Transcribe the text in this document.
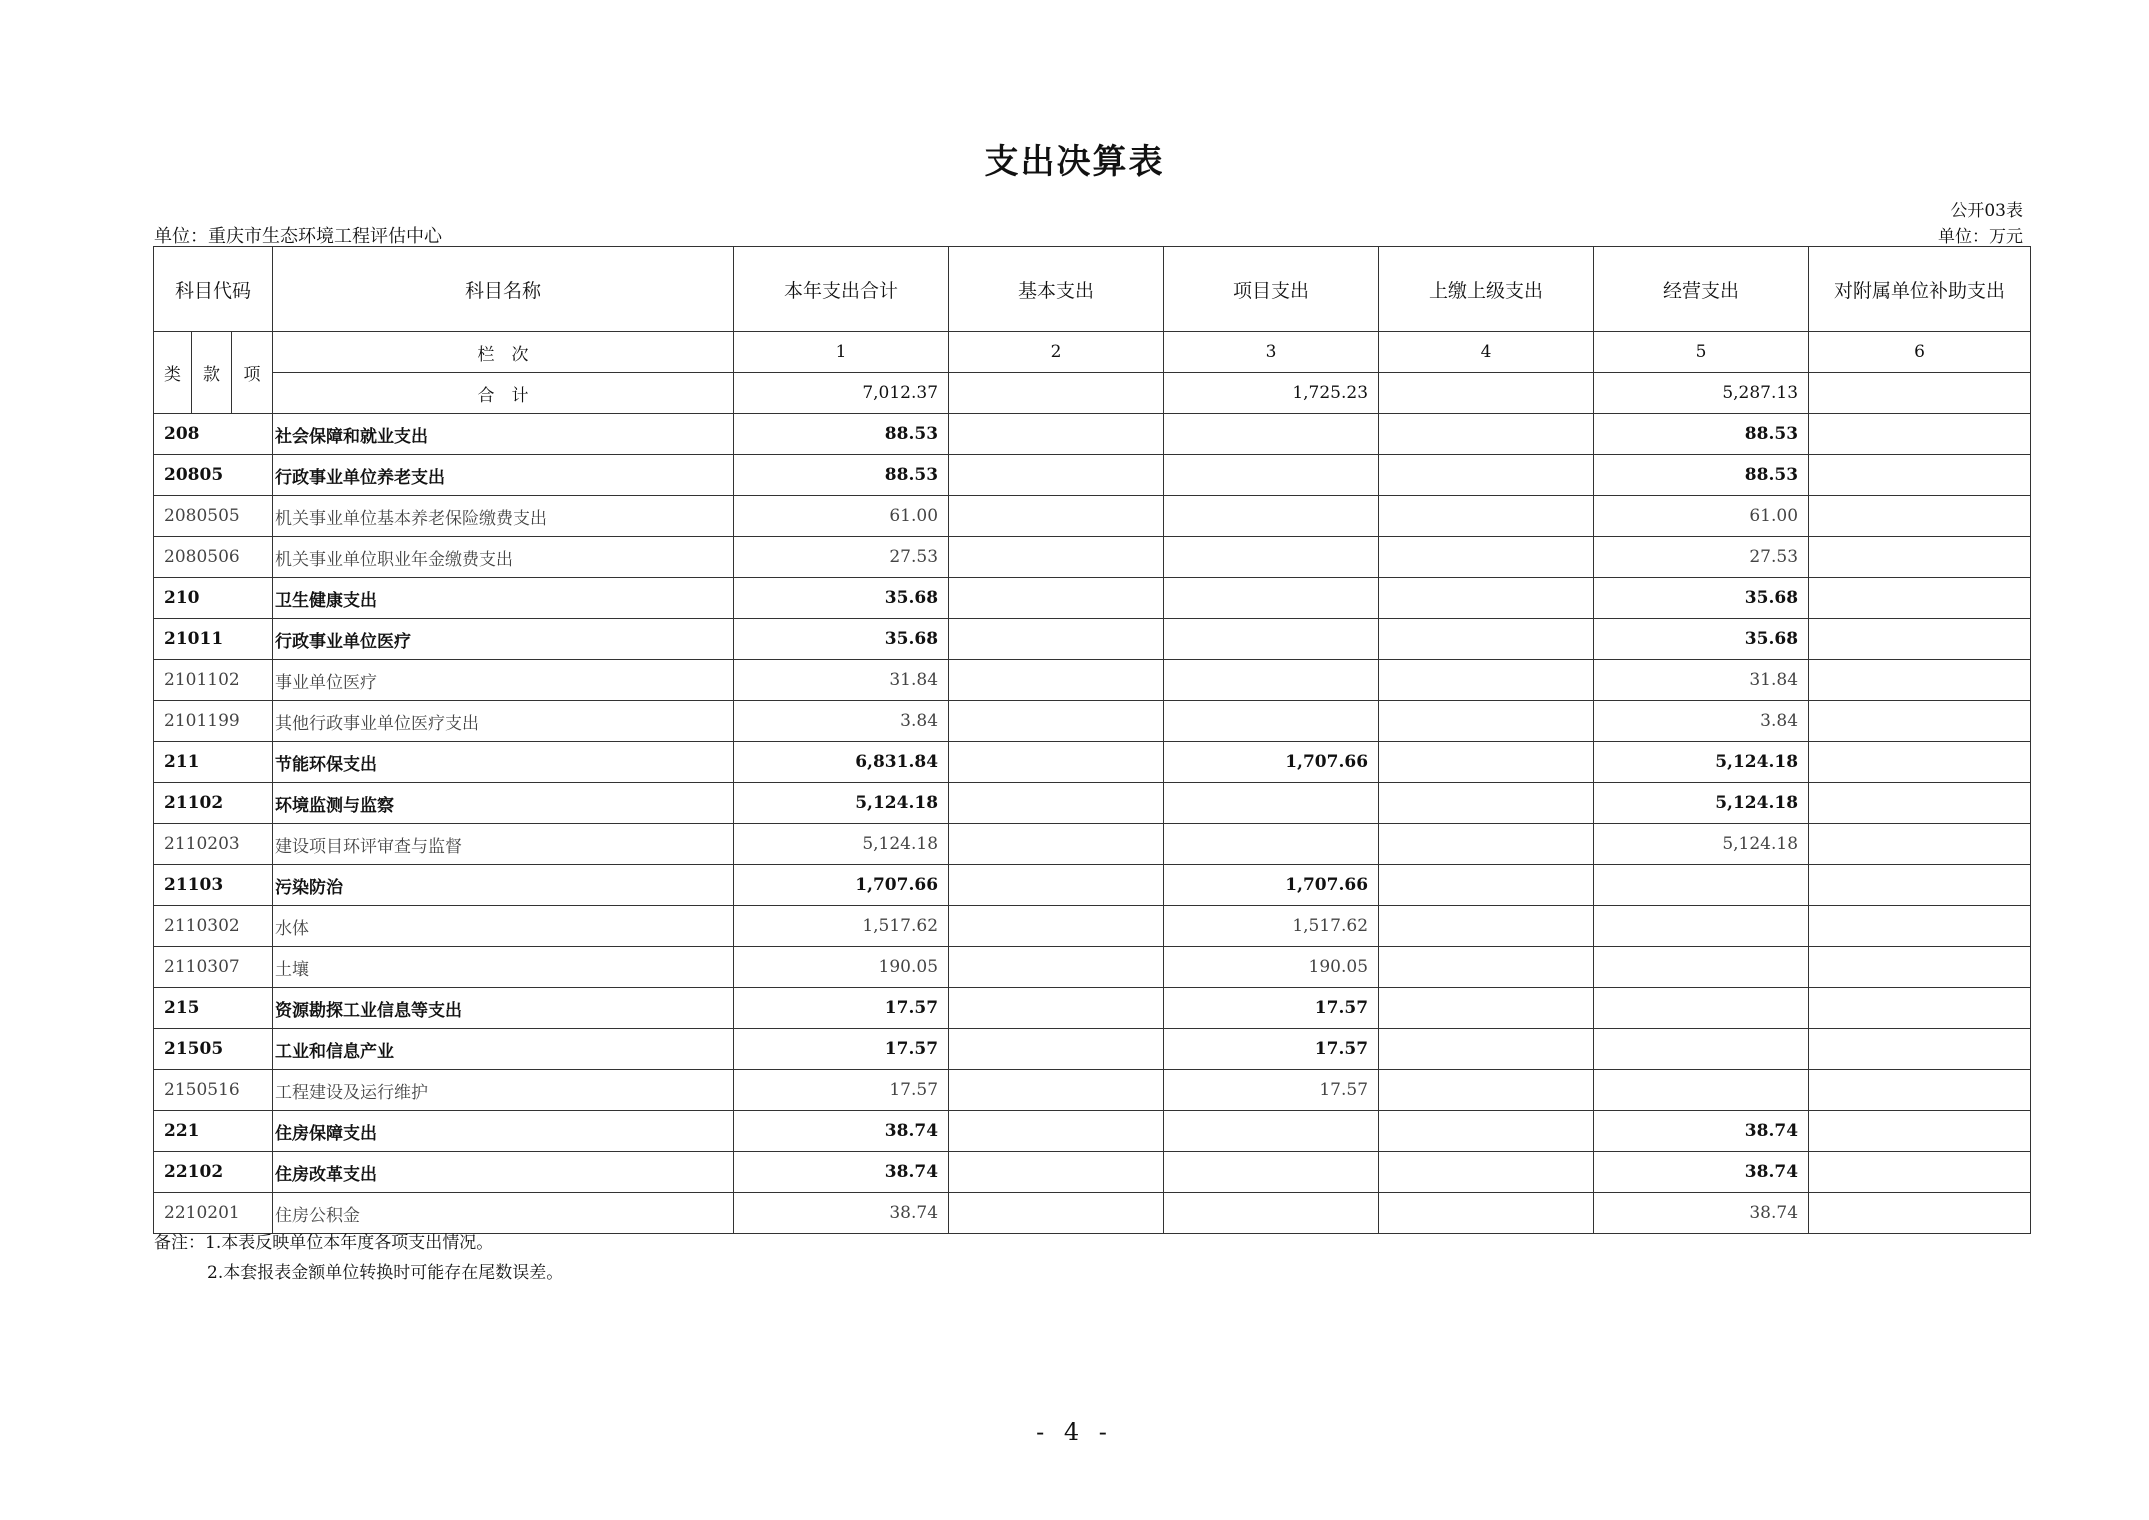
支出决算表
公开03表
单位：重庆市生态环境工程评估中心	单位：万元
科目代码			科目名称	本年支出合计	基本支出	项目支出	上缴上级支出	经营支出	对附属单位补助支出
类	款	项	栏　次	1	2	3	4	5	6
			合　计	7,012.37		1,725.23		5,287.13	
208			社会保障和就业支出	88.53				88.53	
20805			行政事业单位养老支出	88.53				88.53	
2080505			机关事业单位基本养老保险缴费支出	61.00				61.00	
2080506			机关事业单位职业年金缴费支出	27.53				27.53	
210			卫生健康支出	35.68				35.68	
21011			行政事业单位医疗	35.68				35.68	
2101102			事业单位医疗	31.84				31.84	
2101199			其他行政事业单位医疗支出	3.84				3.84	
211			节能环保支出	6,831.84		1,707.66		5,124.18	
21102			环境监测与监察	5,124.18				5,124.18	
2110203			建设项目环评审查与监督	5,124.18				5,124.18	
21103			污染防治	1,707.66		1,707.66			
2110302			水体	1,517.62		1,517.62			
2110307			土壤	190.05		190.05			
215			资源勘探工业信息等支出	17.57		17.57			
21505			工业和信息产业	17.57		17.57			
2150516			工程建设及运行维护	17.57		17.57			
221			住房保障支出	38.74				38.74	
22102			住房改革支出	38.74				38.74	
2210201			住房公积金	38.74				38.74	
备注：1.本表反映单位本年度各项支出情况。
2.本套报表金额单位转换时可能存在尾数误差。
- 4 -
